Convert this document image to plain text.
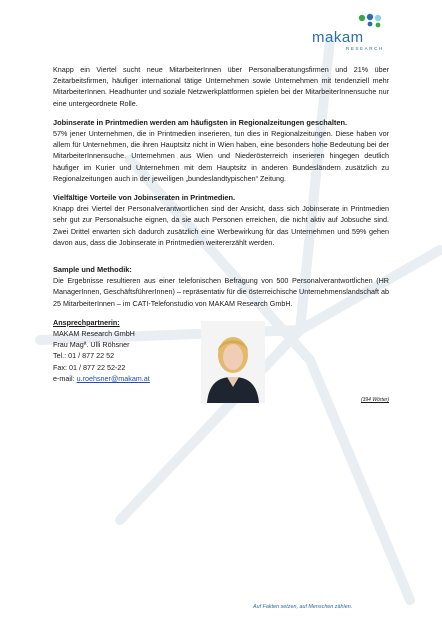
makam
RESEARCH

Knapp ein Viertel sucht neue MitarbeiterInnen über Personalberatungsfirmen und 21% über Zeitarbeitsfirmen, häufiger international tätige Unternehmen sowie Unternehmen mit tendenziell mehr MitarbeiterInnen. Headhunter und soziale Netzwerkplattformen spielen bei der MitarbeiterInnensuche nur eine untergeordnete Rolle.

Jobinserate in Printmedien werden am häufigsten in Regionalzeitungen geschalten.

57% jener Unternehmen, die in Printmedien inserieren, tun dies in Regionalzeitungen. Diese haben vor allem für Unternehmen, die ihren Hauptsitz nicht in Wien haben, eine besonders hohe Bedeutung bei der MitarbeiterInnensuche. Unternehmen aus Wien und Niederösterreich inserieren hingegen deutlich häufiger im Kurier und Unternehmen mit dem Hauptsitz in anderen Bundesländern zusätzlich zu Regionalzeitungen auch in der jeweiligen „bundeslandtypischen“ Zeitung.

Vielfältige Vorteile von Jobinseraten in Printmedien.

Knapp drei Viertel der Personalverantwortlichen sind der Ansicht, dass sich Jobinserate in Printmedien sehr gut zur Personalsuche eignen, da sie auch Personen erreichen, die nicht aktiv auf Jobsuche sind. Zwei Drittel erwarten sich dadurch zusätzlich eine Werbewirkung für das Unternehmen und 59% gehen davon aus, dass die Jobinserate in Printmedien weitererzählt werden.

Sample und Methodik:

Die Ergebnisse resultieren aus einer telefonischen Befragung von 500 Personalverantwortlichen (HR ManagerInnen, GeschäftsführerInnen) – repräsentativ für die österreichische Unternehmenslandschaft ab 25 MitarbeiterInnen – im CATI-Telefonstudio von MAKAM Research GmbH.

Ansprechpartnerin:
MAKAM Research GmbH
Frau Magª. Ulli Röhsner
Tel.: 01 / 877 22 52
Fax: 01 / 877 22 52-22
e-mail: u.roehsner@makam.at
(394 Wörter)
Auf Fakten setzen, auf Menschen zählen.
